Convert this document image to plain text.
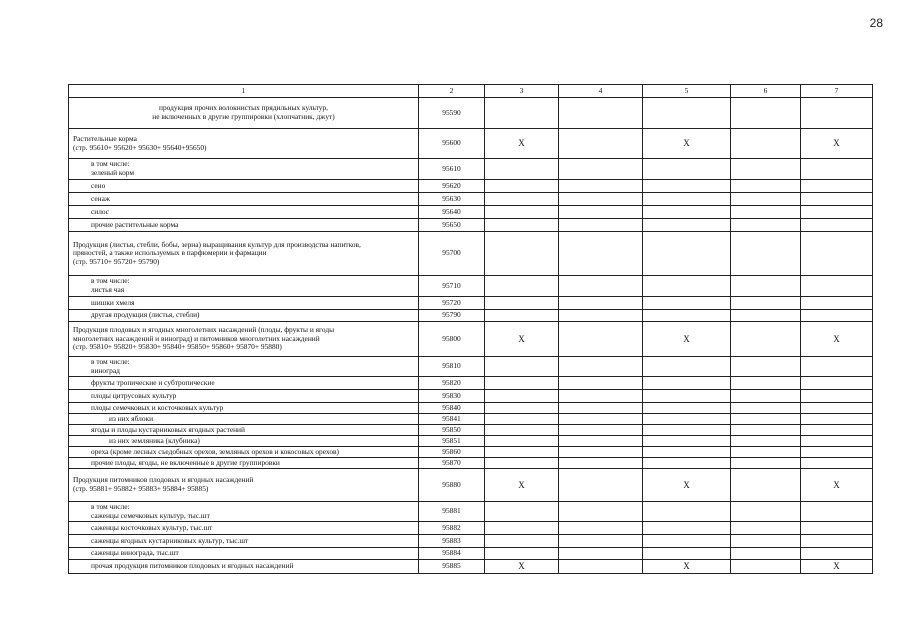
28
1	2	3	4	5	6	7

продукция прочих волокнистых прядильных культур,
не включенных в другие группировки (хлопчатник, джут)	95590					

Растительные корма
(стр. 95610+ 95620+ 95630+ 95640+95650)	95600	X		X		X

в том числе:
зеленый корм	95610					

сено	95620					

сенаж	95630					

силос	95640					

прочие растительные корма	95650					

Продукция (листья, стебли, бобы, зерна) выращивания культур для производства напитков,
пряностей, а также используемых в парфюмерии и фармации
(стр. 95710+ 95720+ 95790)	95700					

в том числе:
листья чая	95710					

шишки хмеля	95720					

другая продукция (листья, стебли)	95790					

Продукция плодовых и ягодных многолетних насаждений (плоды, фрукты и ягоды
многолетних насаждений и виноград) и питомников многолетних насаждений
(стр. 95810+ 95820+ 95830+ 95840+ 95850+ 95860+ 95870+ 95880)	95800	X		X		X

в том числе:
виноград	95810					

фрукты тропические и субтропические	95820					

плоды цитрусовых культур	95830					

плоды семечковых и косточковых культур	95840					

из них яблоки	95841					

ягоды и плоды кустарниковых ягодных растений	95850					

из них земляника (клубника)	95851					

ореха (кроме лесных съедобных орехов, земляных орехов и кокосовых орехов)	95860					

прочие плоды, ягоды, не включенные в другие группировки	95870					

Продукция питомников плодовых и ягодных насаждений
(стр. 95881+ 95882+ 95883+ 95884+ 95885)	95880	X		X		X

в том числе:
саженцы семечковых культур, тыс.шт	95881					

саженцы косточковых культур, тыс.шт	95882					

саженцы ягодных кустарниковых культур, тыс.шт	95883					

саженцы винограда, тыс.шт	95884					

прочая продукция питомников плодовых и ягодных насаждений	95885	X		X		X
